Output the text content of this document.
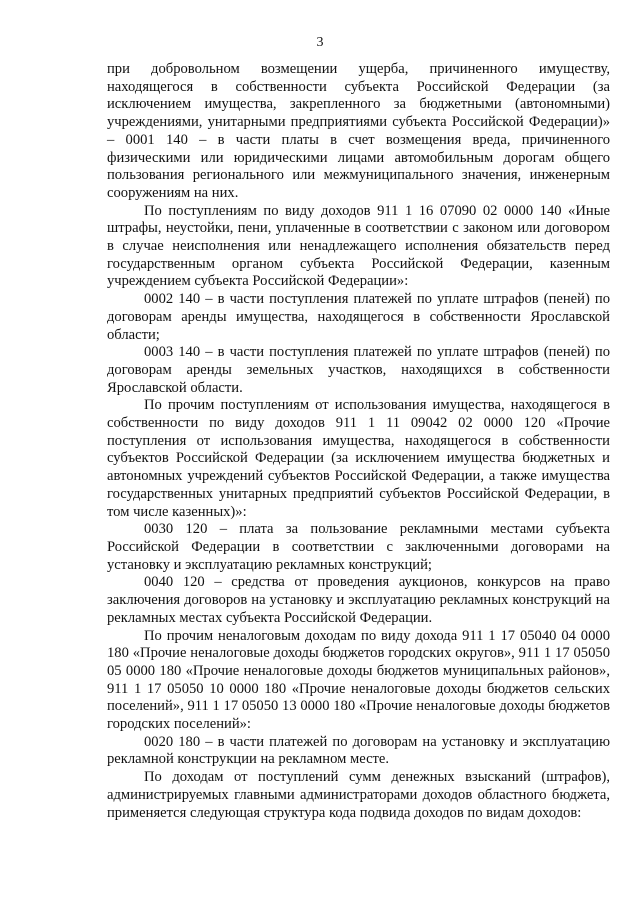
3

при добровольном возмещении ущерба, причиненного имуществу, находящегося в собственности субъекта Российской Федерации (за исключением имущества, закрепленного за бюджетными (автономными) учреждениями, унитарными предприятиями субъекта Российской Федерации)» – 0001 140 – в части платы в счет возмещения вреда, причиненного физическими или юридическими лицами автомобильным дорогам общего пользования регионального или межмуниципального значения, инженерным сооружениям на них.

По поступлениям по виду доходов 911 1 16 07090 02 0000 140 «Иные штрафы, неустойки, пени, уплаченные в соответствии с законом или договором в случае неисполнения или ненадлежащего исполнения обязательств перед государственным органом субъекта Российской Федерации, казенным учреждением субъекта Российской Федерации»:

0002 140 – в части поступления платежей по уплате штрафов (пеней) по договорам аренды имущества, находящегося в собственности Ярославской области;

0003 140 – в части поступления платежей по уплате штрафов (пеней) по договорам аренды земельных участков, находящихся в собственности Ярославской области.

По прочим поступлениям от использования имущества, находящегося в собственности по виду доходов 911 1 11 09042 02 0000 120 «Прочие поступления от использования имущества, находящегося в собственности субъектов Российской Федерации (за исключением имущества бюджетных и автономных учреждений субъектов Российской Федерации, а также имущества государственных унитарных предприятий субъектов Российской Федерации, в том числе казенных)»:

0030 120 – плата за пользование рекламными местами субъекта Российской Федерации в соответствии с заключенными договорами на установку и эксплуатацию рекламных конструкций;

0040 120 – средства от проведения аукционов, конкурсов на право заключения договоров на установку и эксплуатацию рекламных конструкций на рекламных местах субъекта Российской Федерации.

По прочим неналоговым доходам по виду дохода 911 1 17 05040 04 0000 180 «Прочие неналоговые доходы бюджетов городских округов», 911 1 17 05050 05 0000 180 «Прочие неналоговые доходы бюджетов муниципальных районов», 911 1 17 05050 10 0000 180 «Прочие неналоговые доходы бюджетов сельских поселений», 911 1 17 05050 13 0000 180 «Прочие неналоговые доходы бюджетов городских поселений»:

0020 180 – в части платежей по договорам на установку и эксплуатацию рекламной конструкции на рекламном месте.

По доходам от поступлений сумм денежных взысканий (штрафов), администрируемых главными администраторами доходов областного бюджета, применяется следующая структура кода подвида доходов по видам доходов:
